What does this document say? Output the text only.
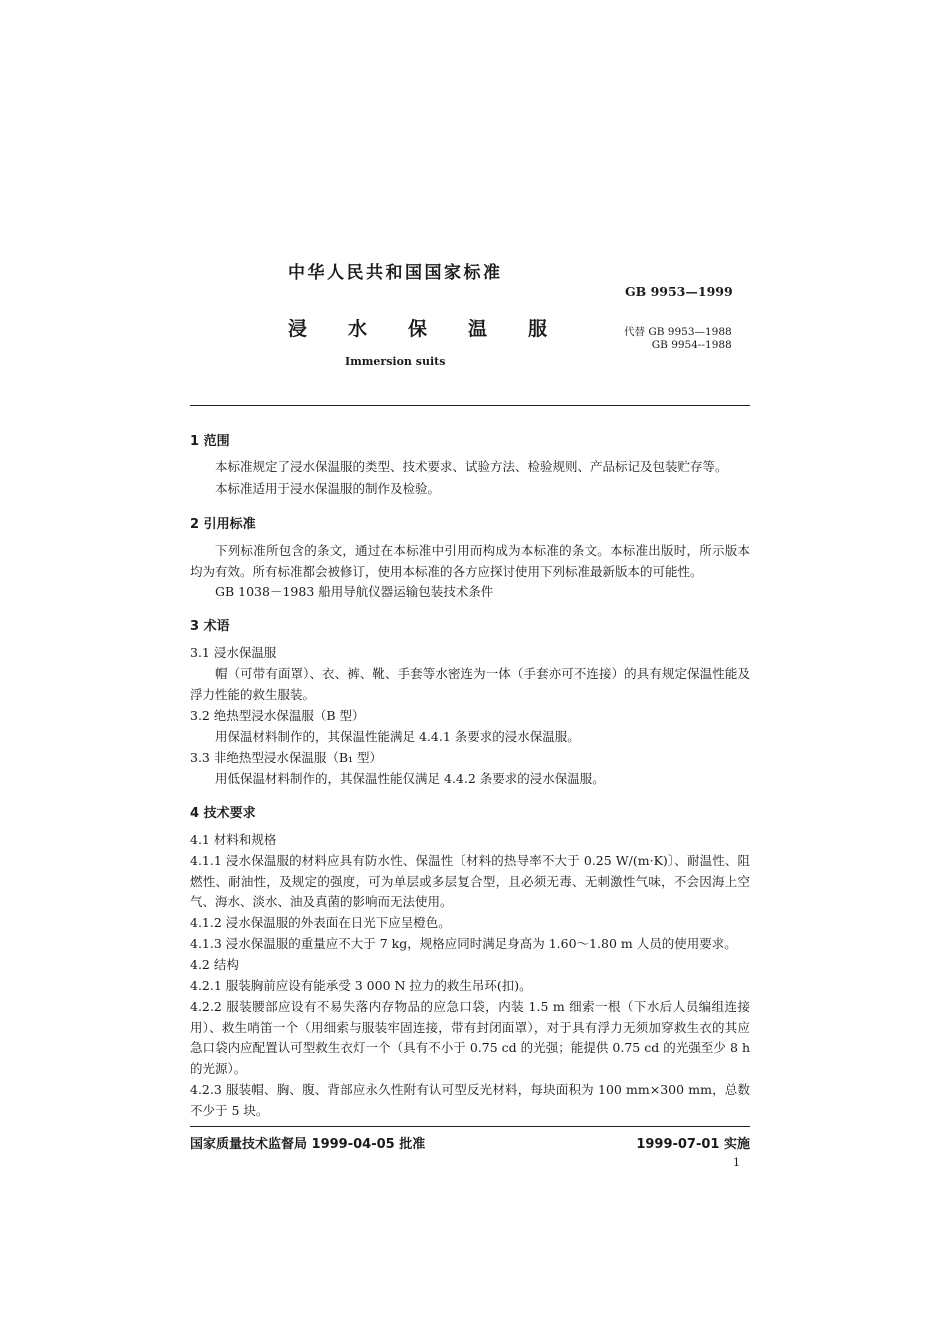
中华人民共和国国家标准
GB 9953—1999
浸水保温服	代替 GB 9953—1988
GB 9954--1988
Immersion suits
1 范围
本标准规定了浸水保温服的类型、技术要求、试验方法、检验规则、产品标记及包装贮存等。
本标准适用于浸水保温服的制作及检验。
2 引用标准
下列标准所包含的条文，通过在本标准中引用而构成为本标准的条文。本标准出版时，所示版本均为有效。所有标准都会被修订，使用本标准的各方应探讨使用下列标准最新版本的可能性。
GB 1038－1983 船用导航仪器运输包装技术条件
3 术语
3.1 浸水保温服
帽（可带有面罩）、衣、裤、靴、手套等水密连为一体（手套亦可不连接）的具有规定保温性能及浮力性能的救生服装。
3.2 绝热型浸水保温服（B 型）
用保温材料制作的，其保温性能满足 4.4.1 条要求的浸水保温服。
3.3 非绝热型浸水保温服（B₁ 型）
用低保温材料制作的，其保温性能仅满足 4.4.2 条要求的浸水保温服。
4 技术要求
4.1 材料和规格
4.1.1 浸水保温服的材料应具有防水性、保温性〔材料的热导率不大于 0.25 W/(m·K)〕、耐温性、阻燃性、耐油性，及规定的强度，可为单层或多层复合型，且必须无毒、无刺激性气味，不会因海上空气、海水、淡水、油及真菌的影响而无法使用。
4.1.2 浸水保温服的外表面在日光下应呈橙色。
4.1.3 浸水保温服的重量应不大于 7 kg，规格应同时满足身高为 1.60～1.80 m 人员的使用要求。
4.2 结构
4.2.1 服装胸前应设有能承受 3 000 N 拉力的救生吊环(扣)。
4.2.2 服装腰部应设有不易失落内存物品的应急口袋，内装 1.5 m 细索一根（下水后人员编组连接用）、救生哨笛一个（用细索与服装牢固连接，带有封闭面罩），对于具有浮力无须加穿救生衣的其应急口袋内应配置认可型救生衣灯一个（具有不小于 0.75 cd 的光强；能提供 0.75 cd 的光强至少 8 h 的光源）。
4.2.3 服装帽、胸、腹、背部应永久性附有认可型反光材料，每块面积为 100 mm×300 mm，总数不少于 5 块。
国家质量技术监督局 1999-04-05 批准	1999-07-01 实施
1
